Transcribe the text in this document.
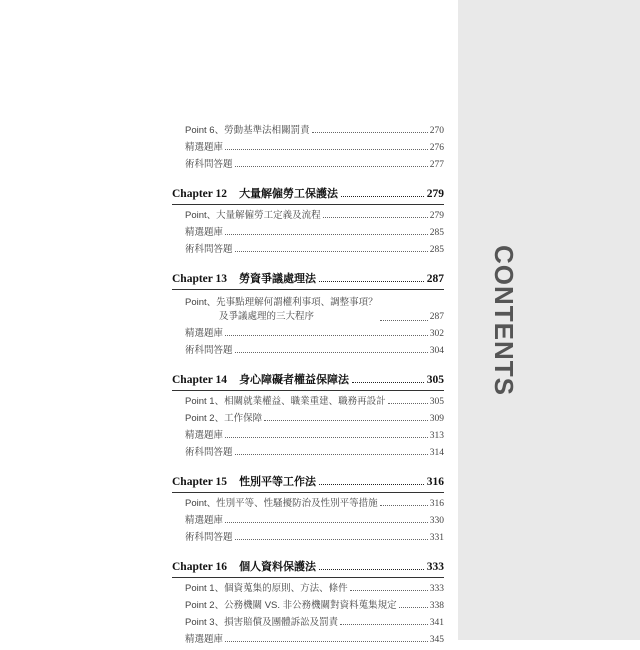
CONTENTS
Point 6、勞動基準法相關罰責	270
精選題庫	276
術科問答題	277
Chapter 12 大量解僱勞工保護法	279
Point、大量解僱勞工定義及流程	279
精選題庫	285
術科問答題	285
Chapter 13 勞資爭議處理法	287
Point、先事點理解何謂權利事項、調整事項？
及爭議處理的三大程序	287
精選題庫	302
術科問答題	304
Chapter 14 身心障礙者權益保障法	305
Point 1、相關就業權益、職業重建、職務再設計	305
Point 2、工作保障	309
精選題庫	313
術科問答題	314
Chapter 15 性別平等工作法	316
Point、性別平等、性騷擾防治及性別平等措施	316
精選題庫	330
術科問答題	331
Chapter 16 個人資料保護法	333
Point 1、個資蒐集的原則、方法、條件	333
Point 2、公務機關 VS. 非公務機關對資料蒐集規定	338
Point 3、損害賠償及團體訴訟及罰責	341
精選題庫	345
